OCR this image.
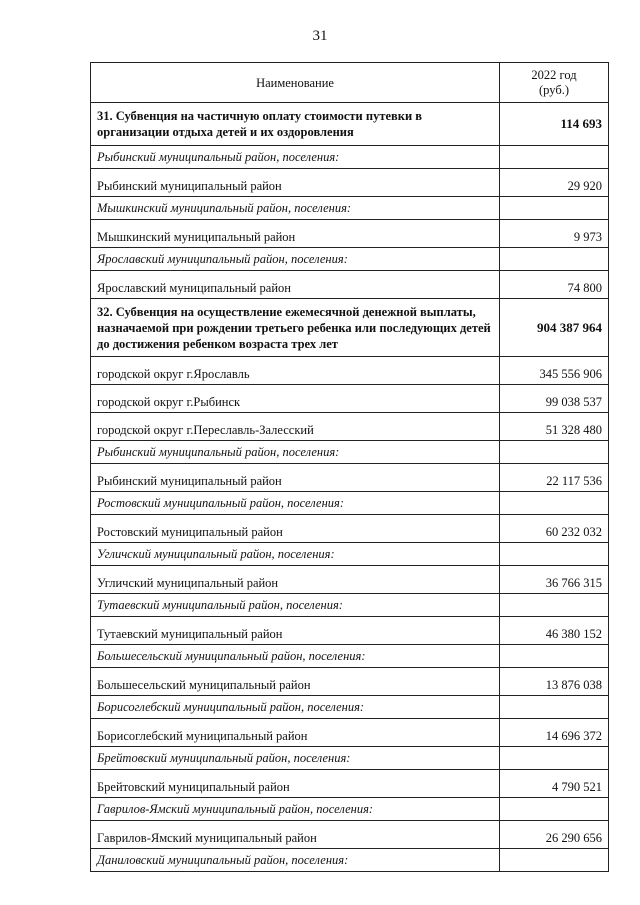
31
Наименование	2022 год
(руб.)
31. Субвенция на частичную оплату стоимости путевки в организации отдыха детей и их оздоровления	114 693
Рыбинский муниципальный район, поселения:	
Рыбинский муниципальный район	29 920
Мышкинский муниципальный район, поселения:	
Мышкинский муниципальный район	9 973
Ярославский муниципальный район, поселения:	
Ярославский муниципальный район	74 800
32. Субвенция на осуществление ежемесячной денежной выплаты, назначаемой при рождении третьего ребенка или последующих детей до достижения ребенком возраста трех лет	904 387 964
городской округ г.Ярославль	345 556 906
городской округ г.Рыбинск	99 038 537
городской округ г.Переславль-Залесский	51 328 480
Рыбинский муниципальный район, поселения:	
Рыбинский муниципальный район	22 117 536
Ростовский муниципальный район, поселения:	
Ростовский муниципальный район	60 232 032
Угличский муниципальный район, поселения:	
Угличский муниципальный район	36 766 315
Тутаевский муниципальный район, поселения:	
Тутаевский муниципальный район	46 380 152
Большесельский муниципальный район, поселения:	
Большесельский муниципальный район	13 876 038
Борисоглебский муниципальный район, поселения:	
Борисоглебский муниципальный район	14 696 372
Брейтовский муниципальный район, поселения:	
Брейтовский муниципальный район	4 790 521
Гаврилов-Ямский муниципальный район, поселения:	
Гаврилов-Ямский муниципальный район	26 290 656
Даниловский муниципальный район, поселения:	
